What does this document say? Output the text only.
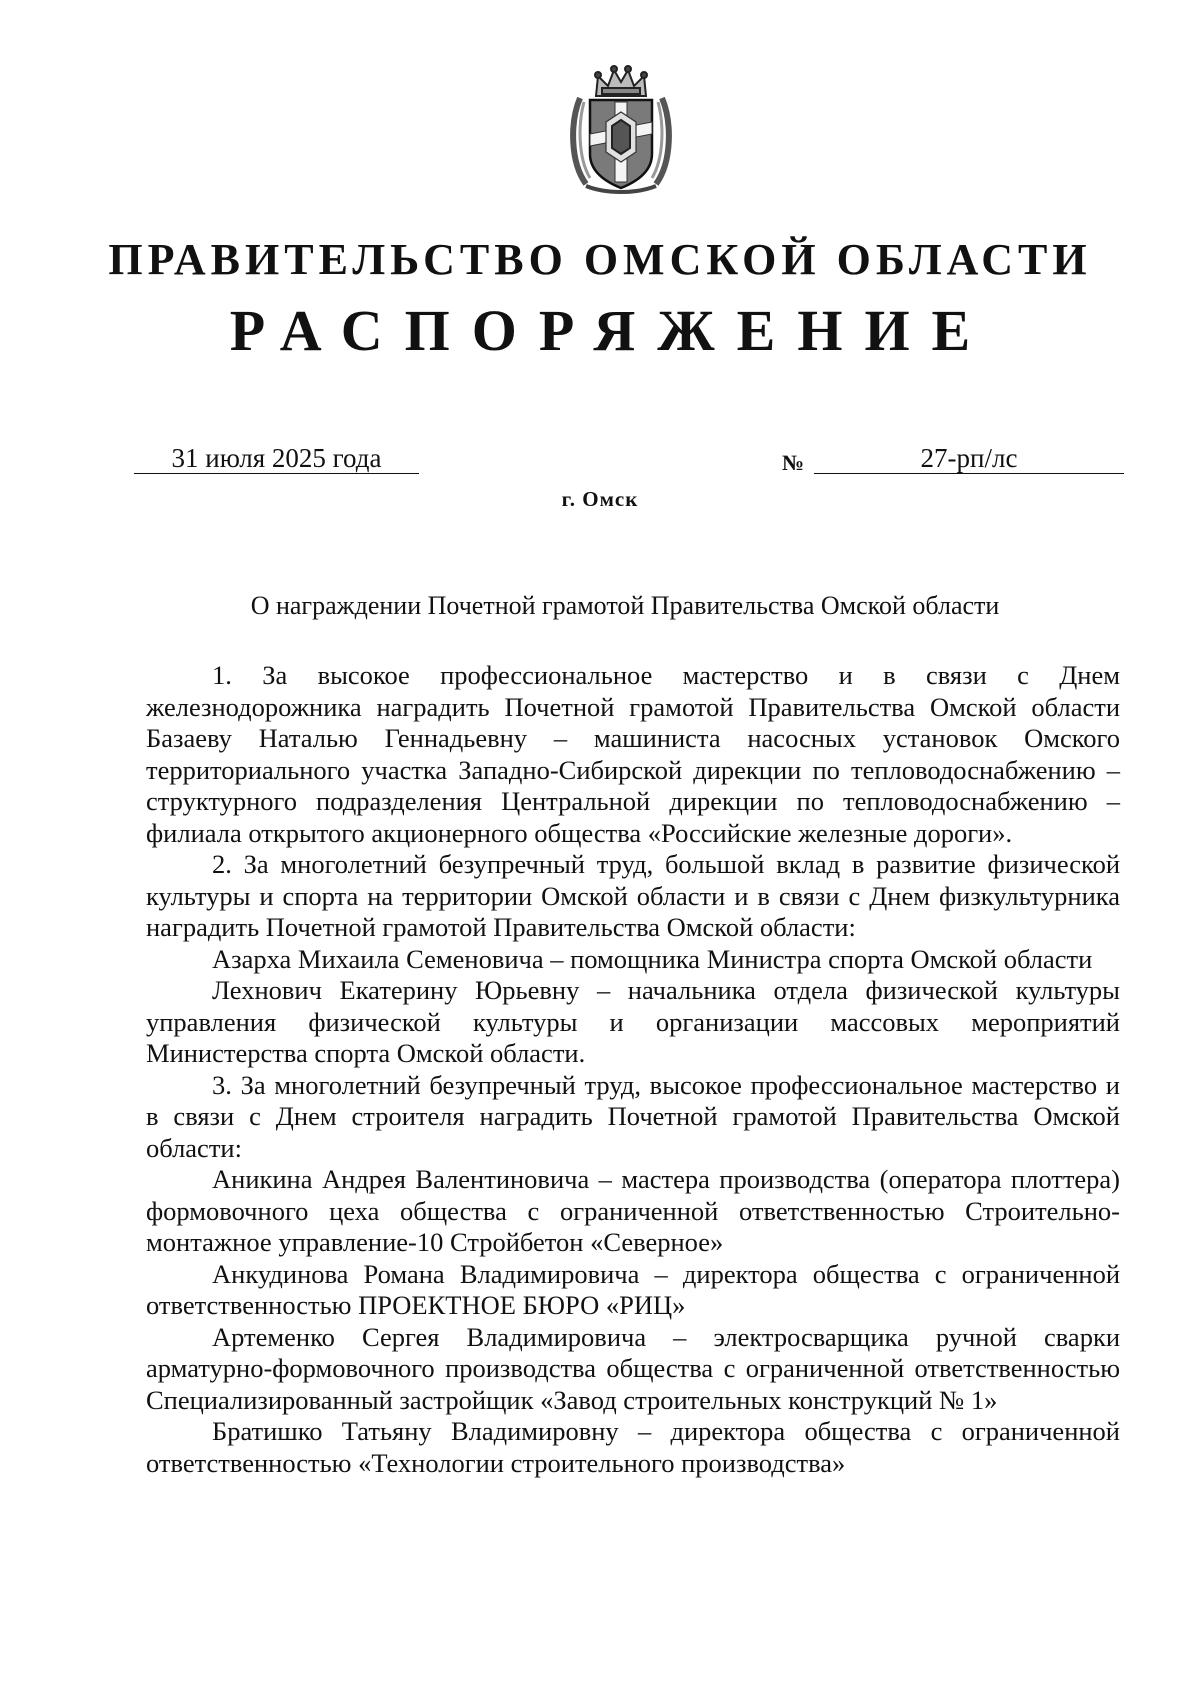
ПРАВИТЕЛЬСТВО ОМСКОЙ ОБЛАСТИ
РАСПОРЯЖЕНИЕ
31 июля 2025 года	№	27-рп/лс
г. Омск
О награждении Почетной грамотой Правительства Омской области

1. За высокое профессиональное мастерство и в связи с Днем железнодорожника наградить Почетной грамотой Правительства Омской области Базаеву Наталью Геннадьевну – машиниста насосных установок Омского территориального участка Западно-Сибирской дирекции по тепловодоснабжению – структурного подразделения Центральной дирекции по тепловодоснабжению – филиала открытого акционерного общества «Российские железные дороги».

2. За многолетний безупречный труд, большой вклад в развитие физической культуры и спорта на территории Омской области и в связи с Днем физкультурника наградить Почетной грамотой Правительства Омской области:

Азарха Михаила Семеновича – помощника Министра спорта Омской области

Лехнович Екатерину Юрьевну – начальника отдела физической культуры управления физической культуры и организации массовых мероприятий Министерства спорта Омской области.

3. За многолетний безупречный труд, высокое профессиональное мастерство и в связи с Днем строителя наградить Почетной грамотой Правительства Омской области:

Аникина Андрея Валентиновича – мастера производства (оператора плоттера) формовочного цеха общества с ограниченной ответственностью Строительно-монтажное управление-10 Стройбетон «Северное»

Анкудинова Романа Владимировича – директора общества с ограниченной ответственностью ПРОЕКТНОЕ БЮРО «РИЦ»

Артеменко Сергея Владимировича – электросварщика ручной сварки арматурно-формовочного производства общества с ограниченной ответственностью Специализированный застройщик «Завод строительных конструкций № 1»

Братишко Татьяну Владимировну – директора общества с ограниченной ответственностью «Технологии строительного производства»
